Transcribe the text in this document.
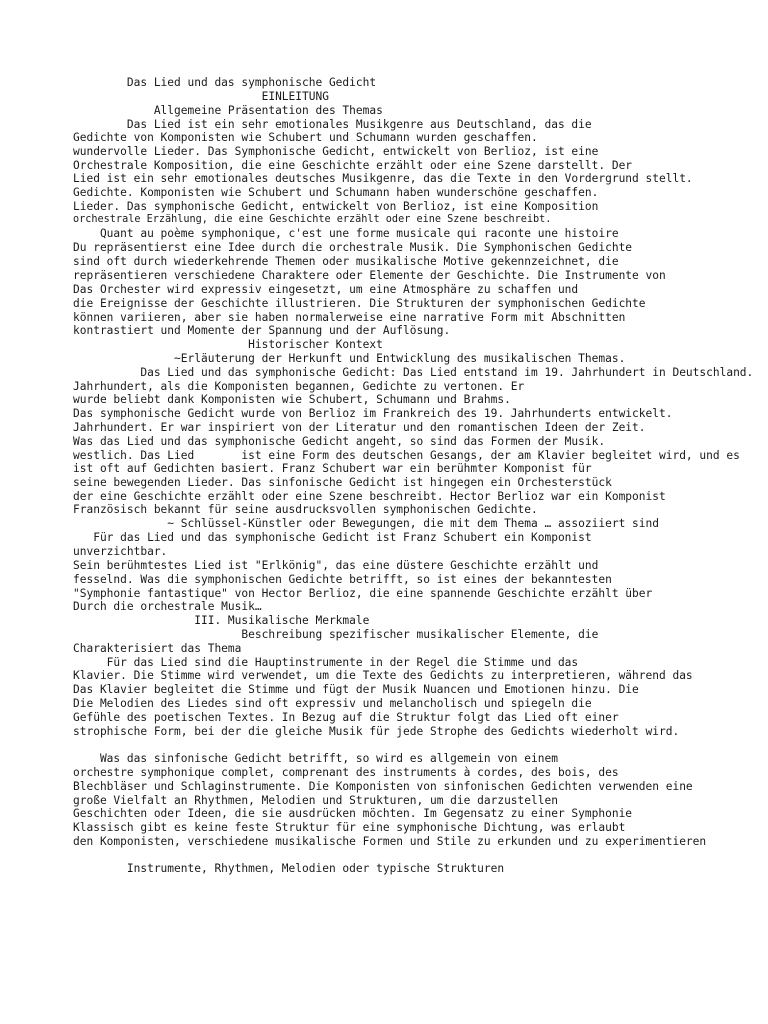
Das Lied und das symphonische Gedicht

EINLEITUNG

Allgemeine Präsentation des Themas

Das Lied ist ein sehr emotionales Musikgenre aus Deutschland, das die

Gedichte von Komponisten wie Schubert und Schumann wurden geschaffen.

wundervolle Lieder. Das Symphonische Gedicht, entwickelt von Berlioz, ist eine

Orchestrale Komposition, die eine Geschichte erzählt oder eine Szene darstellt. Der

Lied ist ein sehr emotionales deutsches Musikgenre, das die Texte in den Vordergrund stellt.

Gedichte. Komponisten wie Schubert und Schumann haben wunderschöne geschaffen.

Lieder. Das symphonische Gedicht, entwickelt von Berlioz, ist eine Komposition

orchestrale Erzählung, die eine Geschichte erzählt oder eine Szene beschreibt.

Quant au poème symphonique, c'est une forme musicale qui raconte une histoire

Du repräsentierst eine Idee durch die orchestrale Musik. Die Symphonischen Gedichte

sind oft durch wiederkehrende Themen oder musikalische Motive gekennzeichnet, die

repräsentieren verschiedene Charaktere oder Elemente der Geschichte. Die Instrumente von

Das Orchester wird expressiv eingesetzt, um eine Atmosphäre zu schaffen und

die Ereignisse der Geschichte illustrieren. Die Strukturen der symphonischen Gedichte

können variieren, aber sie haben normalerweise eine narrative Form mit Abschnitten

kontrastiert und Momente der Spannung und der Auflösung.

Historischer Kontext

~Erläuterung der Herkunft und Entwicklung des musikalischen Themas.

Das Lied und das symphonische Gedicht: Das Lied entstand im 19. Jahrhundert in Deutschland.

Jahrhundert, als die Komponisten begannen, Gedichte zu vertonen. Er

wurde beliebt dank Komponisten wie Schubert, Schumann und Brahms.

Das symphonische Gedicht wurde von Berlioz im Frankreich des 19. Jahrhunderts entwickelt.

Jahrhundert. Er war inspiriert von der Literatur und den romantischen Ideen der Zeit.

Was das Lied und das symphonische Gedicht angeht, so sind das Formen der Musik.

westlich. Das Lied       ist eine Form des deutschen Gesangs, der am Klavier begleitet wird, und es

ist oft auf Gedichten basiert. Franz Schubert war ein berühmter Komponist für

seine bewegenden Lieder. Das sinfonische Gedicht ist hingegen ein Orchesterstück

der eine Geschichte erzählt oder eine Szene beschreibt. Hector Berlioz war ein Komponist

Französisch bekannt für seine ausdrucksvollen symphonischen Gedichte.

~ Schlüssel-Künstler oder Bewegungen, die mit dem Thema … assoziiert sind

Für das Lied und das symphonische Gedicht ist Franz Schubert ein Komponist

unverzichtbar.

Sein berühmtestes Lied ist "Erlkönig", das eine düstere Geschichte erzählt und

fesselnd. Was die symphonischen Gedichte betrifft, so ist eines der bekanntesten

"Symphonie fantastique" von Hector Berlioz, die eine spannende Geschichte erzählt über

Durch die orchestrale Musik…

III. Musikalische Merkmale

Beschreibung spezifischer musikalischer Elemente, die

Charakterisiert das Thema

Für das Lied sind die Hauptinstrumente in der Regel die Stimme und das

Klavier. Die Stimme wird verwendet, um die Texte des Gedichts zu interpretieren, während das

Das Klavier begleitet die Stimme und fügt der Musik Nuancen und Emotionen hinzu. Die

Die Melodien des Liedes sind oft expressiv und melancholisch und spiegeln die

Gefühle des poetischen Textes. In Bezug auf die Struktur folgt das Lied oft einer

strophische Form, bei der die gleiche Musik für jede Strophe des Gedichts wiederholt wird.

Was das sinfonische Gedicht betrifft, so wird es allgemein von einem

orchestre symphonique complet, comprenant des instruments à cordes, des bois, des

Blechbläser und Schlaginstrumente. Die Komponisten von sinfonischen Gedichten verwenden eine

große Vielfalt an Rhythmen, Melodien und Strukturen, um die darzustellen

Geschichten oder Ideen, die sie ausdrücken möchten. Im Gegensatz zu einer Symphonie

Klassisch gibt es keine feste Struktur für eine symphonische Dichtung, was erlaubt

den Komponisten, verschiedene musikalische Formen und Stile zu erkunden und zu experimentieren

Instrumente, Rhythmen, Melodien oder typische Strukturen
